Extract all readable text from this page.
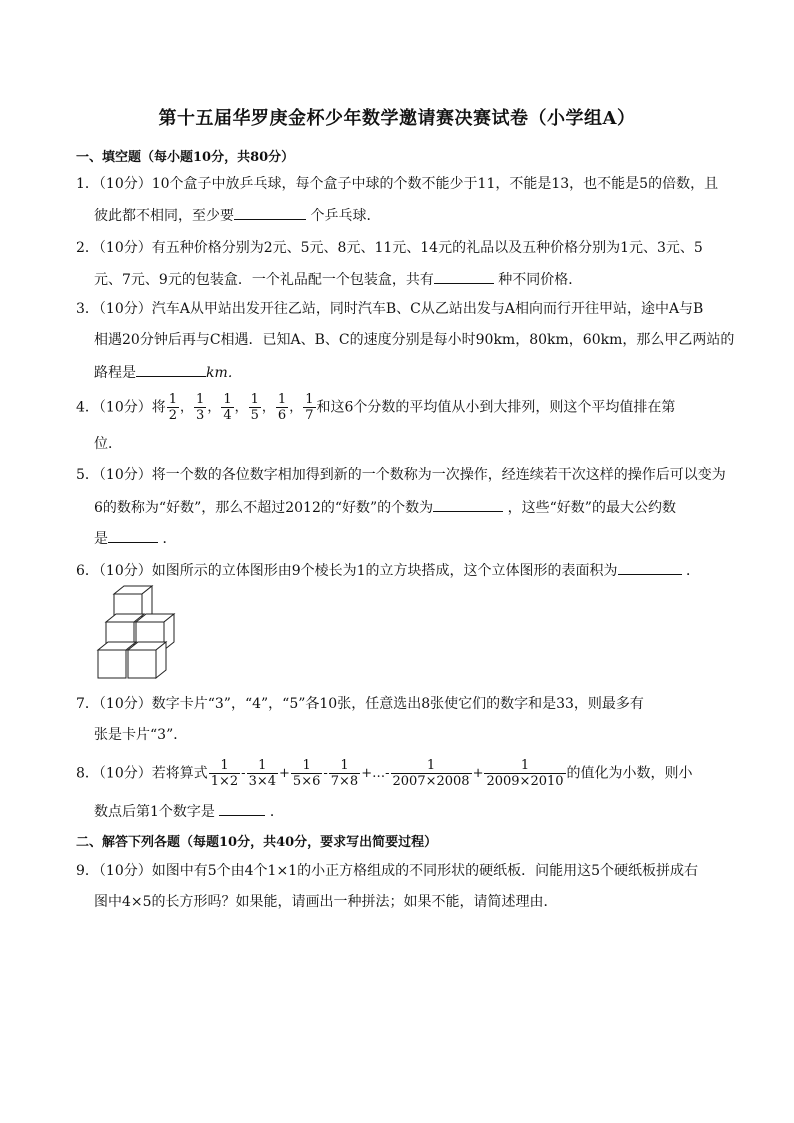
第十五届华罗庚金杯少年数学邀请赛决赛试卷（小学组A）
一、填空题（每小题10分，共80分）
1．（10分）10个盒子中放乒乓球，每个盒子中球的个数不能少于11，不能是13，也不能是5的倍数，且
彼此都不相同，至少要	个乒乓球．
2．（10分）有五种价格分别为2元、5元、8元、11元、14元的礼品以及五种价格分别为1元、3元、5
元、7元、9元的包装盒．一个礼品配一个包装盒，共有	种不同价格．
3．（10分）汽车A从甲站出发开往乙站，同时汽车B、C从乙站出发与A相向而行开往甲站，途中A与B
相遇20分钟后再与C相遇．已知A、B、C的速度分别是每小时90km，80km，60km，那么甲乙两站的
路程是	km．
4．（10分）将 $\frac{1}{2}$ ， $\frac{1}{3}$ ， $\frac{1}{4}$ ， $\frac{1}{5}$ ， $\frac{1}{6}$ ， $\frac{1}{7}$ 和这6个分数的平均值从小到大排列，则这个平均值排在第
位．
5．（10分）将一个数的各位数字相加得到新的一个数称为一次操作，经连续若干次这样的操作后可以变为
6的数称为“好数”，那么不超过2012的“好数”的个数为	，这些“好数”的最大公约数
是	．
6．（10分）如图所示的立体图形由9个棱长为1的立方块搭成，这个立体图形的表面积为	．
7．（10分）数字卡片“3”，“4”，“5”各10张，任意选出8张使它们的数字和是33，则最多有
张是卡片“3”．
8．（10分）若将算式 $\frac{1}{1\times 2} - \frac{1}{3\times 4} + \frac{1}{5\times 6} - \frac{1}{7\times 8}$ +…- $\frac{1}{2007\times 2008} + \frac{1}{2009\times 2010}$ 的值化为小数，则小
数点后第1个数字是	．
二、解答下列各题（每题10分，共40分，要求写出简要过程）
9．（10分）如图中有5个由4个1×1的小正方格组成的不同形状的硬纸板．问能用这5个硬纸板拼成右
图中4×5的长方形吗？如果能，请画出一种拼法；如果不能，请简述理由．
